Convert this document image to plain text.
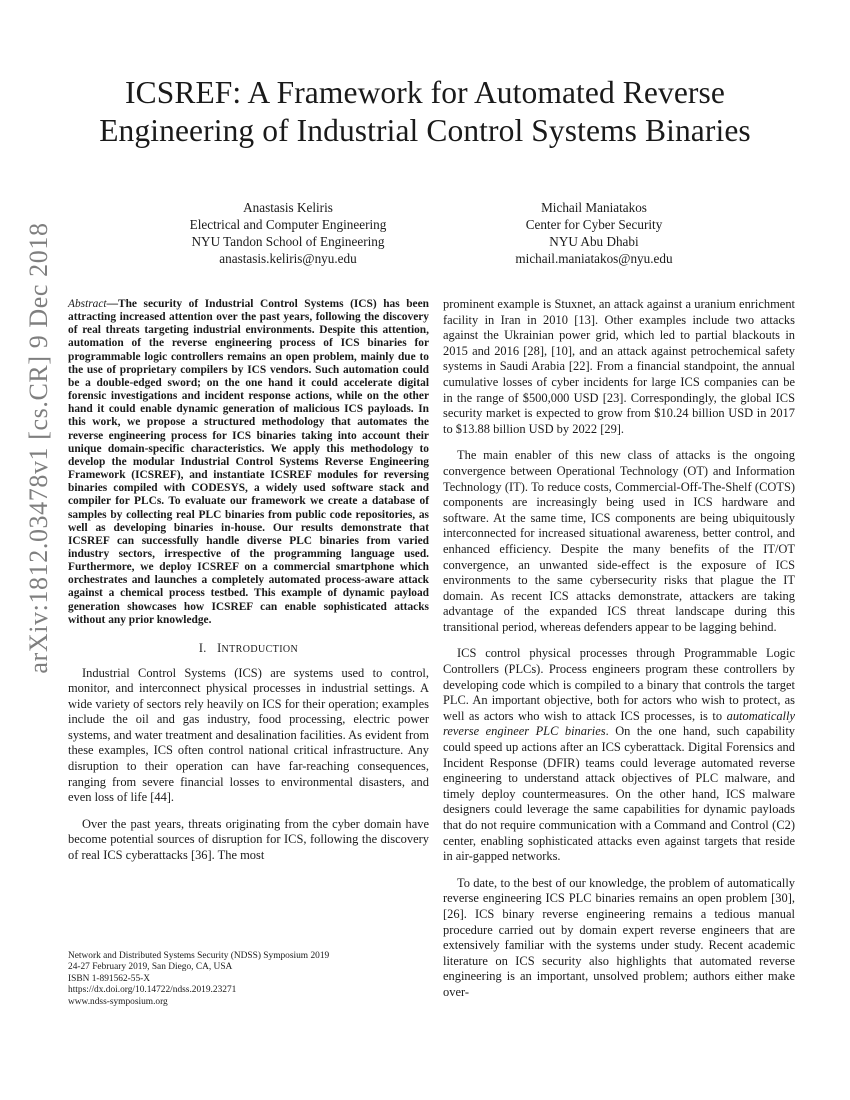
ICSREF: A Framework for Automated Reverse
Engineering of Industrial Control Systems Binaries
Anastasis Keliris
Electrical and Computer Engineering
NYU Tandon School of Engineering
anastasis.keliris@nyu.edu
Michail Maniatakos
Center for Cyber Security
NYU Abu Dhabi
michail.maniatakos@nyu.edu
arXiv:1812.03478v1 [cs.CR] 9 Dec 2018 Abstract—The security of Industrial Control Systems (ICS) has been attracting increased attention over the past years, following the discovery of real threats targeting industrial environments. Despite this attention, automation of the reverse engineering process of ICS binaries for programmable logic controllers remains an open problem, mainly due to the use of proprietary compilers by ICS vendors. Such automation could be a double-edged sword; on the one hand it could accelerate digital forensic investigations and incident response actions, while on the other hand it could enable dynamic generation of malicious ICS payloads. In this work, we propose a structured methodology that automates the reverse engineering process for ICS binaries taking into account their unique domain-specific characteristics. We apply this methodology to develop the modular Industrial Control Systems Reverse Engineering Framework (ICSREF), and instantiate ICSREF modules for reversing binaries compiled with CODESYS, a widely used software stack and compiler for PLCs. To evaluate our framework we create a database of samples by collecting real PLC binaries from public code repositories, as well as developing binaries in-house. Our results demonstrate that ICSREF can successfully handle diverse PLC binaries from varied industry sectors, irrespective of the programming language used. Furthermore, we deploy ICSREF on a commercial smartphone which orchestrates and launches a completely automated process-aware attack against a chemical process testbed. This example of dynamic payload generation showcases how ICSREF can enable sophisticated attacks without any prior knowledge.

I. INTRODUCTION

Industrial Control Systems (ICS) are systems used to control, monitor, and interconnect physical processes in industrial settings. A wide variety of sectors rely heavily on ICS for their operation; examples include the oil and gas industry, food processing, electric power systems, and water treatment and desalination facilities. As evident from these examples, ICS often control national critical infrastructure. Any disruption to their operation can have far-reaching consequences, ranging from severe financial losses to environmental disasters, and even loss of life [44].

Over the past years, threats originating from the cyber domain have become potential sources of disruption for ICS, following the discovery of real ICS cyberattacks [36]. The most

prominent example is Stuxnet, an attack against a uranium enrichment facility in Iran in 2010 [13]. Other examples include two attacks against the Ukrainian power grid, which led to partial blackouts in 2015 and 2016 [28], [10], and an attack against petrochemical safety systems in Saudi Arabia [22]. From a financial standpoint, the annual cumulative losses of cyber incidents for large ICS companies can be in the range of $500,000 USD [23]. Correspondingly, the global ICS security market is expected to grow from $10.24 billion USD in 2017 to $13.88 billion USD by 2022 [29].

The main enabler of this new class of attacks is the ongoing convergence between Operational Technology (OT) and Information Technology (IT). To reduce costs, Commercial-Off-The-Shelf (COTS) components are increasingly being used in ICS hardware and software. At the same time, ICS components are being ubiquitously interconnected for increased situational awareness, better control, and enhanced efficiency. Despite the many benefits of the IT/OT convergence, an unwanted side-effect is the exposure of ICS environments to the same cybersecurity risks that plague the IT domain. As recent ICS attacks demonstrate, attackers are taking advantage of the expanded ICS threat landscape during this transitional period, whereas defenders appear to be lagging behind.

ICS control physical processes through Programmable Logic Controllers (PLCs). Process engineers program these controllers by developing code which is compiled to a binary that controls the target PLC. An important objective, both for actors who wish to protect, as well as actors who wish to attack ICS processes, is to automatically reverse engineer PLC binaries. On the one hand, such capability could speed up actions after an ICS cyberattack. Digital Forensics and Incident Response (DFIR) teams could leverage automated reverse engineering to understand attack objectives of PLC malware, and timely deploy countermeasures. On the other hand, ICS malware designers could leverage the same capabilities for dynamic payloads that do not require communication with a Command and Control (C2) center, enabling sophisticated attacks even against targets that reside in air-gapped networks.

To date, to the best of our knowledge, the problem of automatically reverse engineering ICS PLC binaries remains an open problem [30], [26]. ICS binary reverse engineering remains a tedious manual procedure carried out by domain expert reverse engineers that are extensively familiar with the systems under study. Recent academic literature on ICS security also highlights that automated reverse engineering is an important, unsolved problem; authors either make over-

Network and Distributed Systems Security (NDSS) Symposium 2019
24-27 February 2019, San Diego, CA, USA
ISBN 1-891562-55-X
https://dx.doi.org/10.14722/ndss.2019.23271
www.ndss-symposium.org
